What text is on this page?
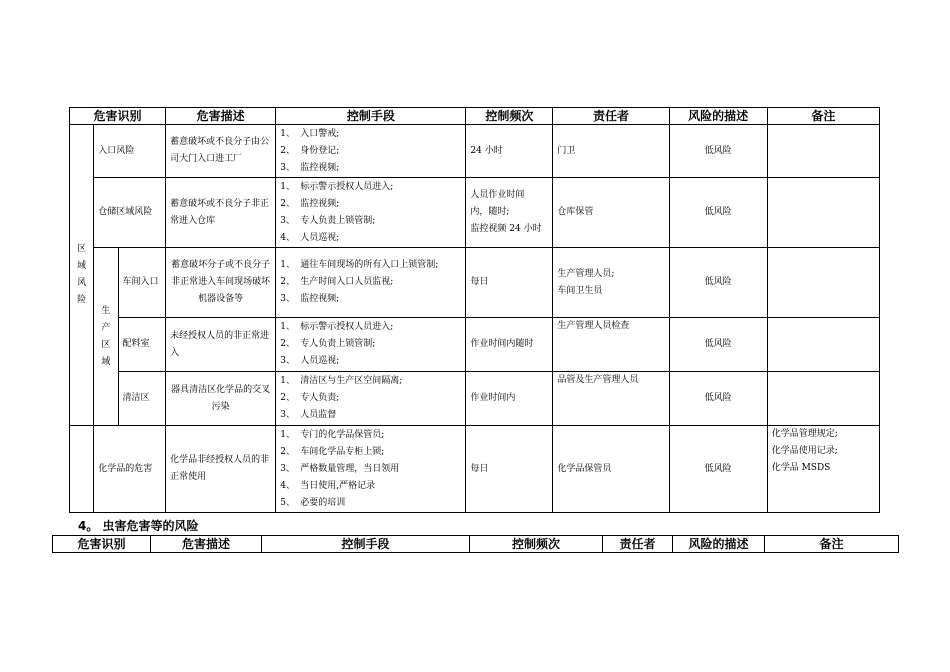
危害识别			危害描述	控制手段	控制频次	责任者	风险的描述	备注

区
域
风
险	入口风险		蓄意破坏或不良分子由公司大门入口进工厂	1、 入口警戒;
2、 身份登记;
3、 监控视频;	24 小时	门卫	低风险	
	仓储区域风险		蓄意破坏或不良分子非正常进入仓库	1、 标示警示授权人员进入;
2、 监控视频;
3、 专人负责上锁管制;
4、 人员巡视;	人员作业时间
内，随时;
监控视频 24 小时	仓库保管	低风险	

	生
产
区
域	车间入口	蓄意破坏分子或不良分子非正常进入车间现场破坏机器设备等	1、 通往车间现场的所有入口上锁管制;
2、 生产时间入口人员监视;
3、 监控视频;	每日	生产管理人员;
车间卫生员	低风险	
		配料室	未经授权人员的非正常进入	1、 标示警示授权人员进入;
2、 专人负责上锁管制;
3、 人员巡视;	作业时间内随时	生产管理人员检查	低风险	
		清洁区	器具清洁区化学品的交叉污染	1、 清洁区与生产区空间隔离;
2、 专人负责;
3、 人员监督	作业时间内	品管及生产管理人员	低风险	
	化学品的危害		化学品非经授权人员的非正常使用	1、 专门的化学品保管员;
2、 车间化学品专柜上锁;
3、 严格数量管理，当日领用
4、 当日使用,严格记录
5、 必要的培训	每日	化学品保管员	低风险	化学品管理规定;
化学品使用记录;
化学品 MSDS
4。 虫害危害等的风险
危害识别	危害描述	控制手段	控制频次	责任者	风险的描述	备注
